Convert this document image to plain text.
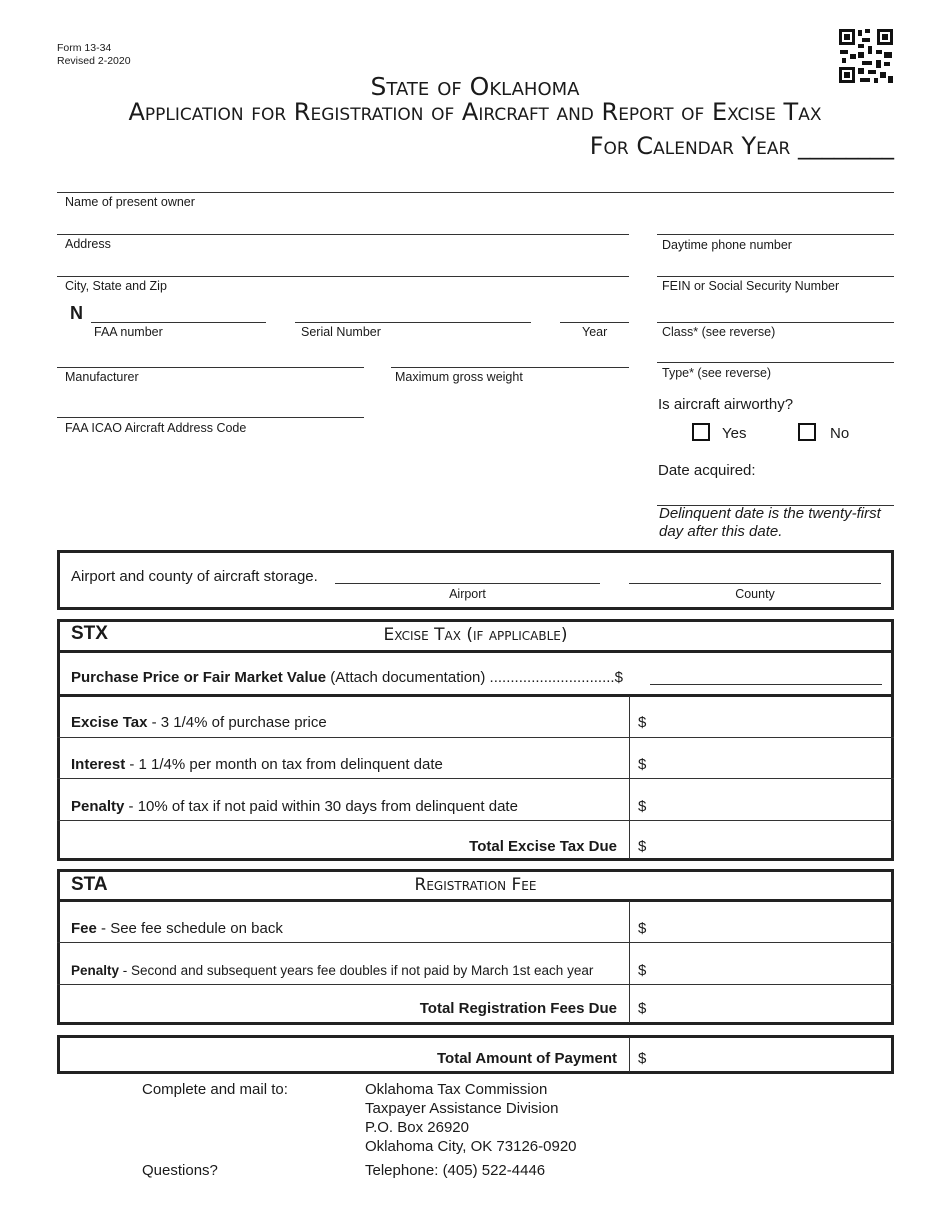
Form 13-34
Revised 2-2020
State of Oklahoma
Application for Registration of Aircraft and Report of Excise Tax
For Calendar Year ________
Name of present owner
Address	Daytime phone number
City, State and Zip	FEIN or Social Security Number
N
FAA number	Serial Number	Year	Class* (see reverse)
Manufacturer	Maximum gross weight	Type* (see reverse)
FAA ICAO Aircraft Address Code
Is aircraft airworthy?
Yes	No
Date acquired:
Delinquent date is the twenty-first
day after this date.
Airport and county of aircraft storage.
Airport	County
STX	Excise Tax (if applicable)
Purchase Price or Fair Market Value (Attach documentation) ..............................$
Excise Tax - 3 1/4% of purchase price	$
Interest - 1 1/4% per month on tax from delinquent date	$
Penalty - 10% of tax if not paid within 30 days from delinquent date	$
Total Excise Tax Due $
STA	Registration Fee
Fee - See fee schedule on back	$
Penalty - Second and subsequent years fee doubles if not paid by March 1st each year	$
Total Registration Fees Due $
Total Amount of Payment $
Complete and mail to:	Oklahoma Tax Commission
Taxpayer Assistance Division
P.O. Box 26920
Oklahoma City, OK 73126-0920
Questions?	Telephone: (405) 522-4446
